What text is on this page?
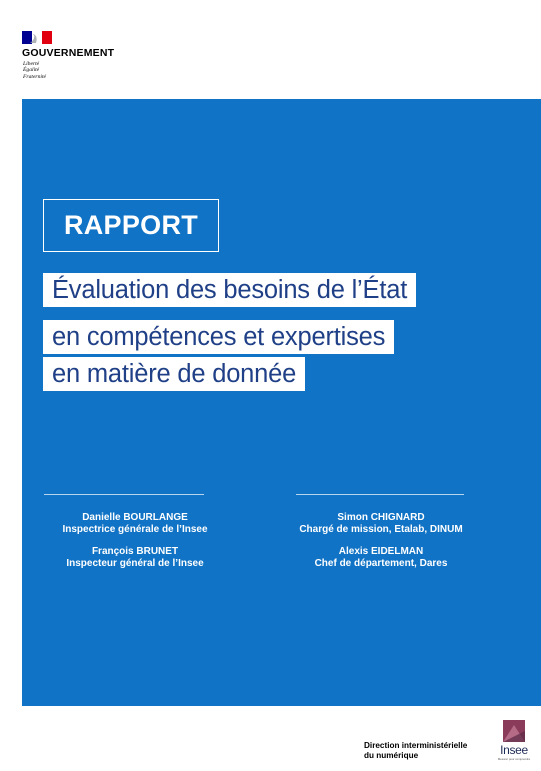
GOUVERNEMENT
Liberté
Égalité
Fraternité
RAPPORT
Évaluation des besoins de l’État
en compétences et expertises
en matière de donnée
Danielle BOURLANGE
Inspectrice générale de l’Insee
François BRUNET
Inspecteur général de l’Insee
Simon CHIGNARD
Chargé de mission, Etalab, DINUM
Alexis EIDELMAN
Chef de département, Dares
Direction interministérielle
du numérique	Insee
Mesurer pour comprendre
